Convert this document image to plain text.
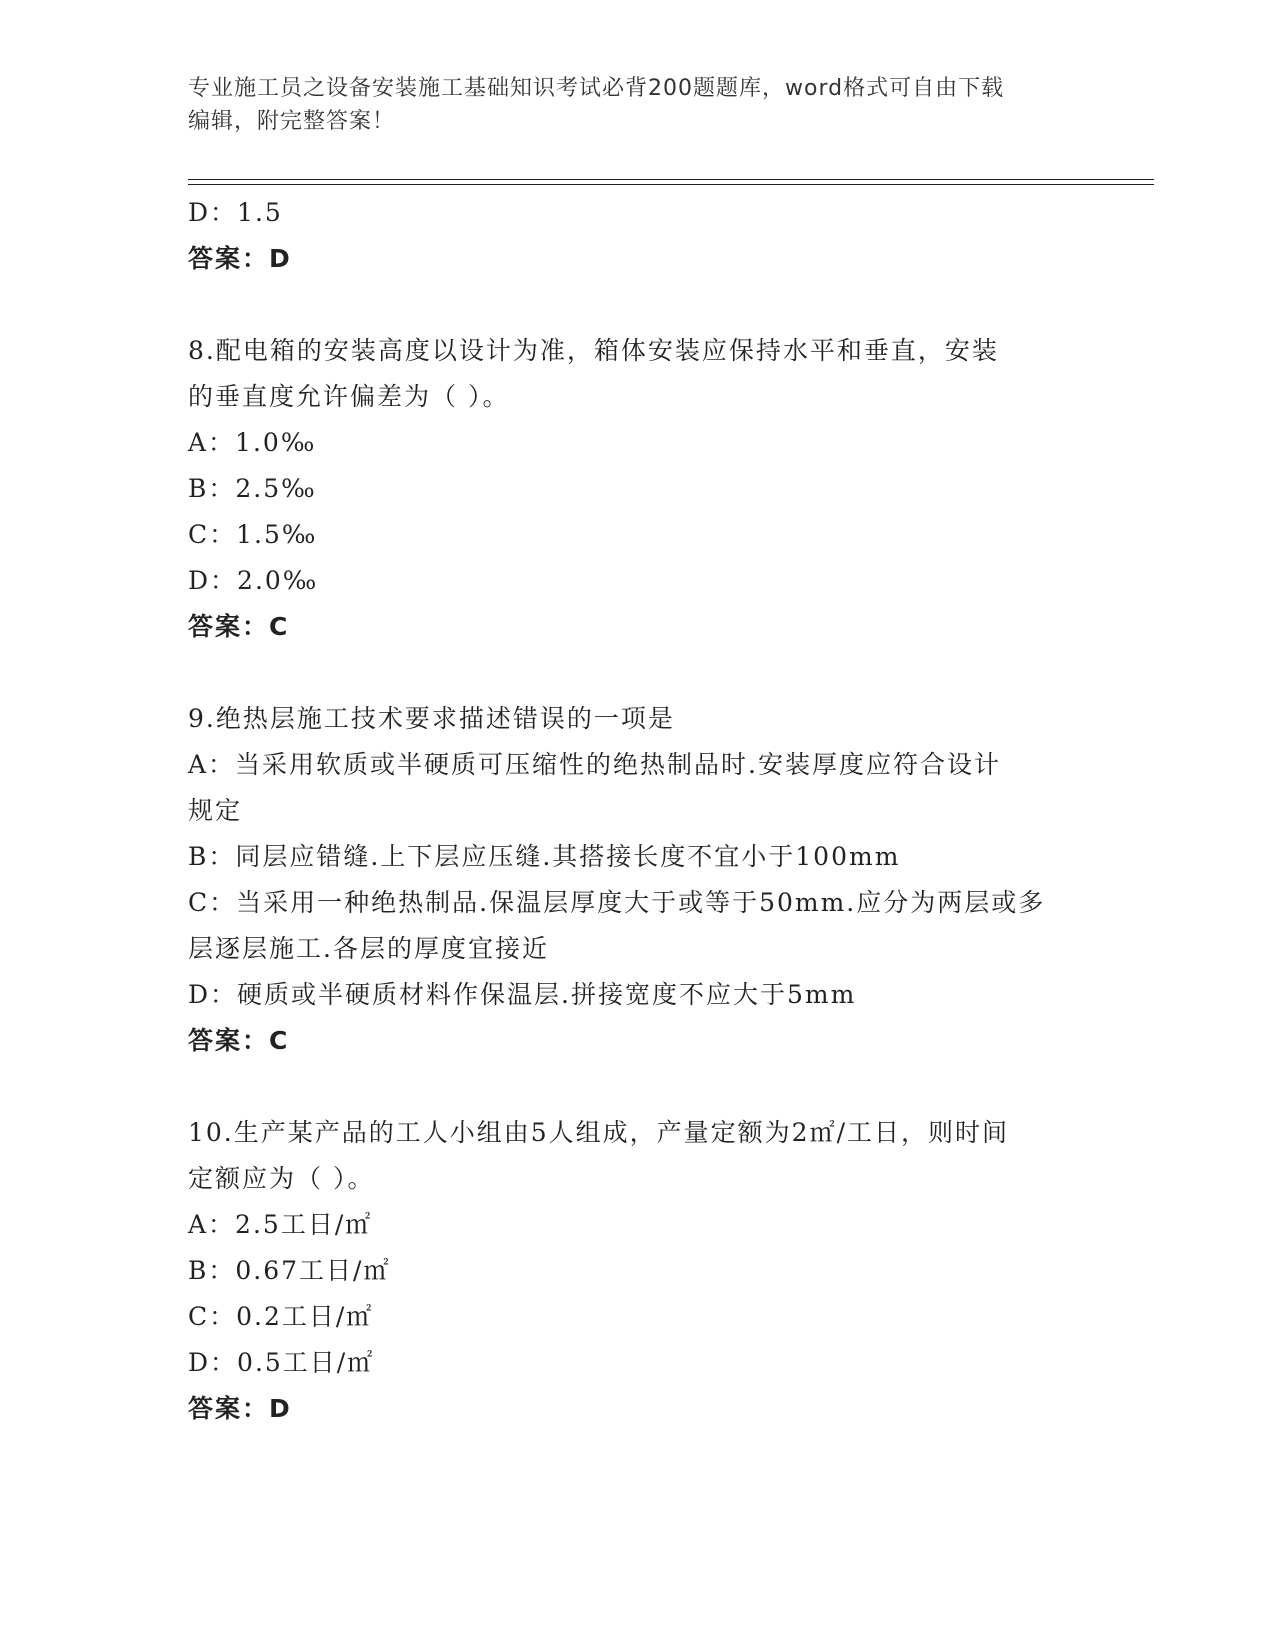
专业施工员之设备安装施工基础知识考试必背200题题库，word格式可自由下载
编辑，附完整答案！
D：1.5
答案：D
8.配电箱的安装高度以设计为准，箱体安装应保持水平和垂直，安装
的垂直度允许偏差为（ ）。
A：1.0‰
B：2.5‰
C：1.5‰
D：2.0‰
答案：C
9.绝热层施工技术要求描述错误的一项是
A：当采用软质或半硬质可压缩性的绝热制品时.安装厚度应符合设计
规定
B：同层应错缝.上下层应压缝.其搭接长度不宜小于100mm
C：当采用一种绝热制品.保温层厚度大于或等于50mm.应分为两层或多
层逐层施工.各层的厚度宜接近
D：硬质或半硬质材料作保温层.拼接宽度不应大于5mm
答案：C
10.生产某产品的工人小组由5人组成，产量定额为2㎡/工日，则时间
定额应为（ ）。
A：2.5工日/㎡
B：0.67工日/㎡
C：0.2工日/㎡
D：0.5工日/㎡
答案：D
